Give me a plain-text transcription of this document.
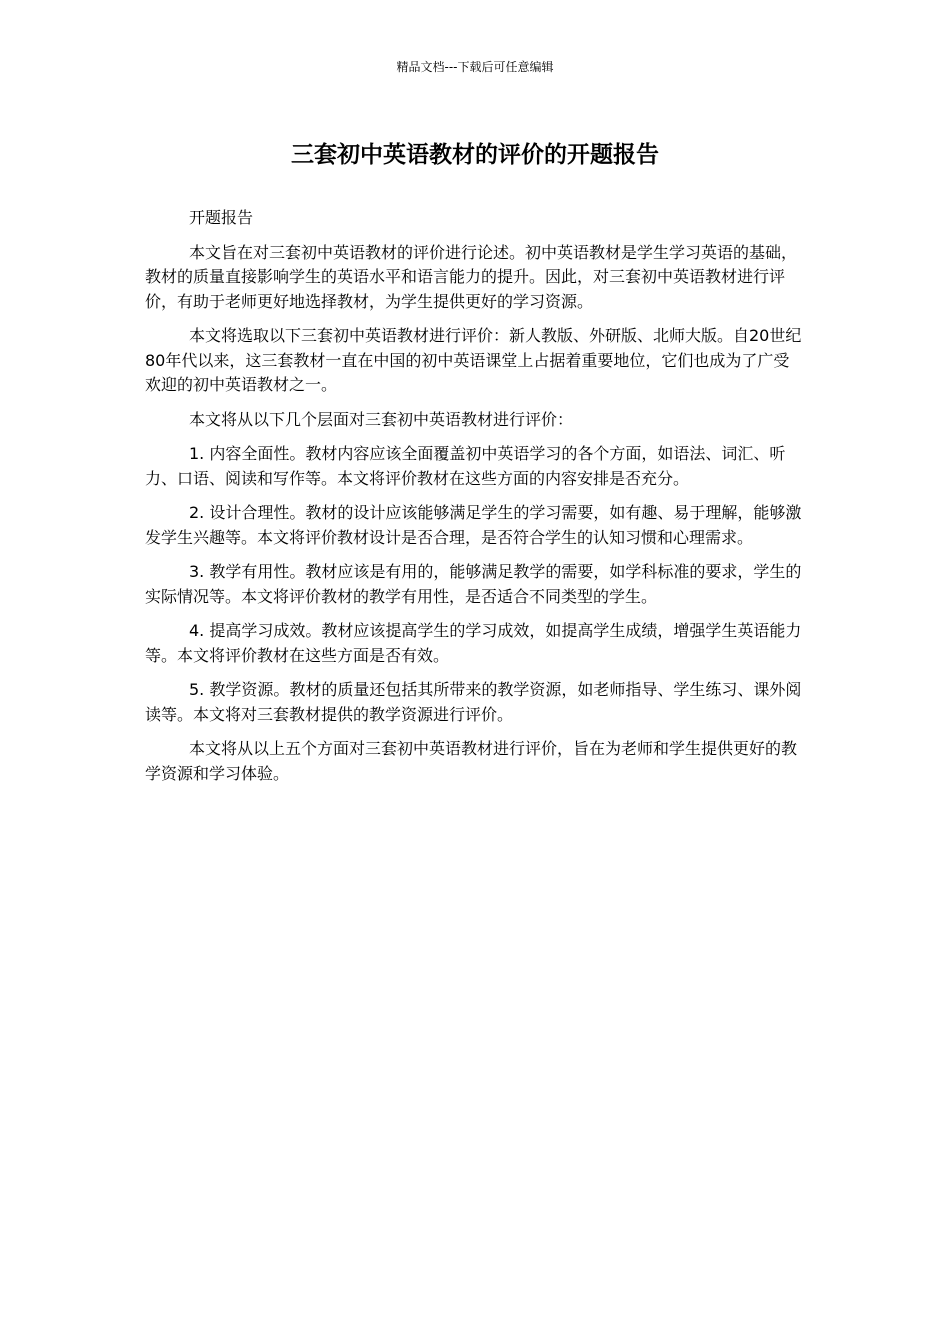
精品文档---下载后可任意编辑
三套初中英语教材的评价的开题报告

开题报告

本文旨在对三套初中英语教材的评价进行论述。初中英语教材是学生学习英语的基础，教材的质量直接影响学生的英语水平和语言能力的提升。因此，对三套初中英语教材进行评价，有助于老师更好地选择教材，为学生提供更好的学习资源。

本文将选取以下三套初中英语教材进行评价：新人教版、外研版、北师大版。自20世纪80年代以来，这三套教材一直在中国的初中英语课堂上占据着重要地位，它们也成为了广受欢迎的初中英语教材之一。

本文将从以下几个层面对三套初中英语教材进行评价：

1. 内容全面性。教材内容应该全面覆盖初中英语学习的各个方面，如语法、词汇、听力、口语、阅读和写作等。本文将评价教材在这些方面的内容安排是否充分。

2. 设计合理性。教材的设计应该能够满足学生的学习需要，如有趣、易于理解，能够激发学生兴趣等。本文将评价教材设计是否合理，是否符合学生的认知习惯和心理需求。

3. 教学有用性。教材应该是有用的，能够满足教学的需要，如学科标准的要求，学生的实际情况等。本文将评价教材的教学有用性，是否适合不同类型的学生。

4. 提高学习成效。教材应该提高学生的学习成效，如提高学生成绩，增强学生英语能力等。本文将评价教材在这些方面是否有效。

5. 教学资源。教材的质量还包括其所带来的教学资源，如老师指导、学生练习、课外阅读等。本文将对三套教材提供的教学资源进行评价。

本文将从以上五个方面对三套初中英语教材进行评价，旨在为老师和学生提供更好的教学资源和学习体验。
